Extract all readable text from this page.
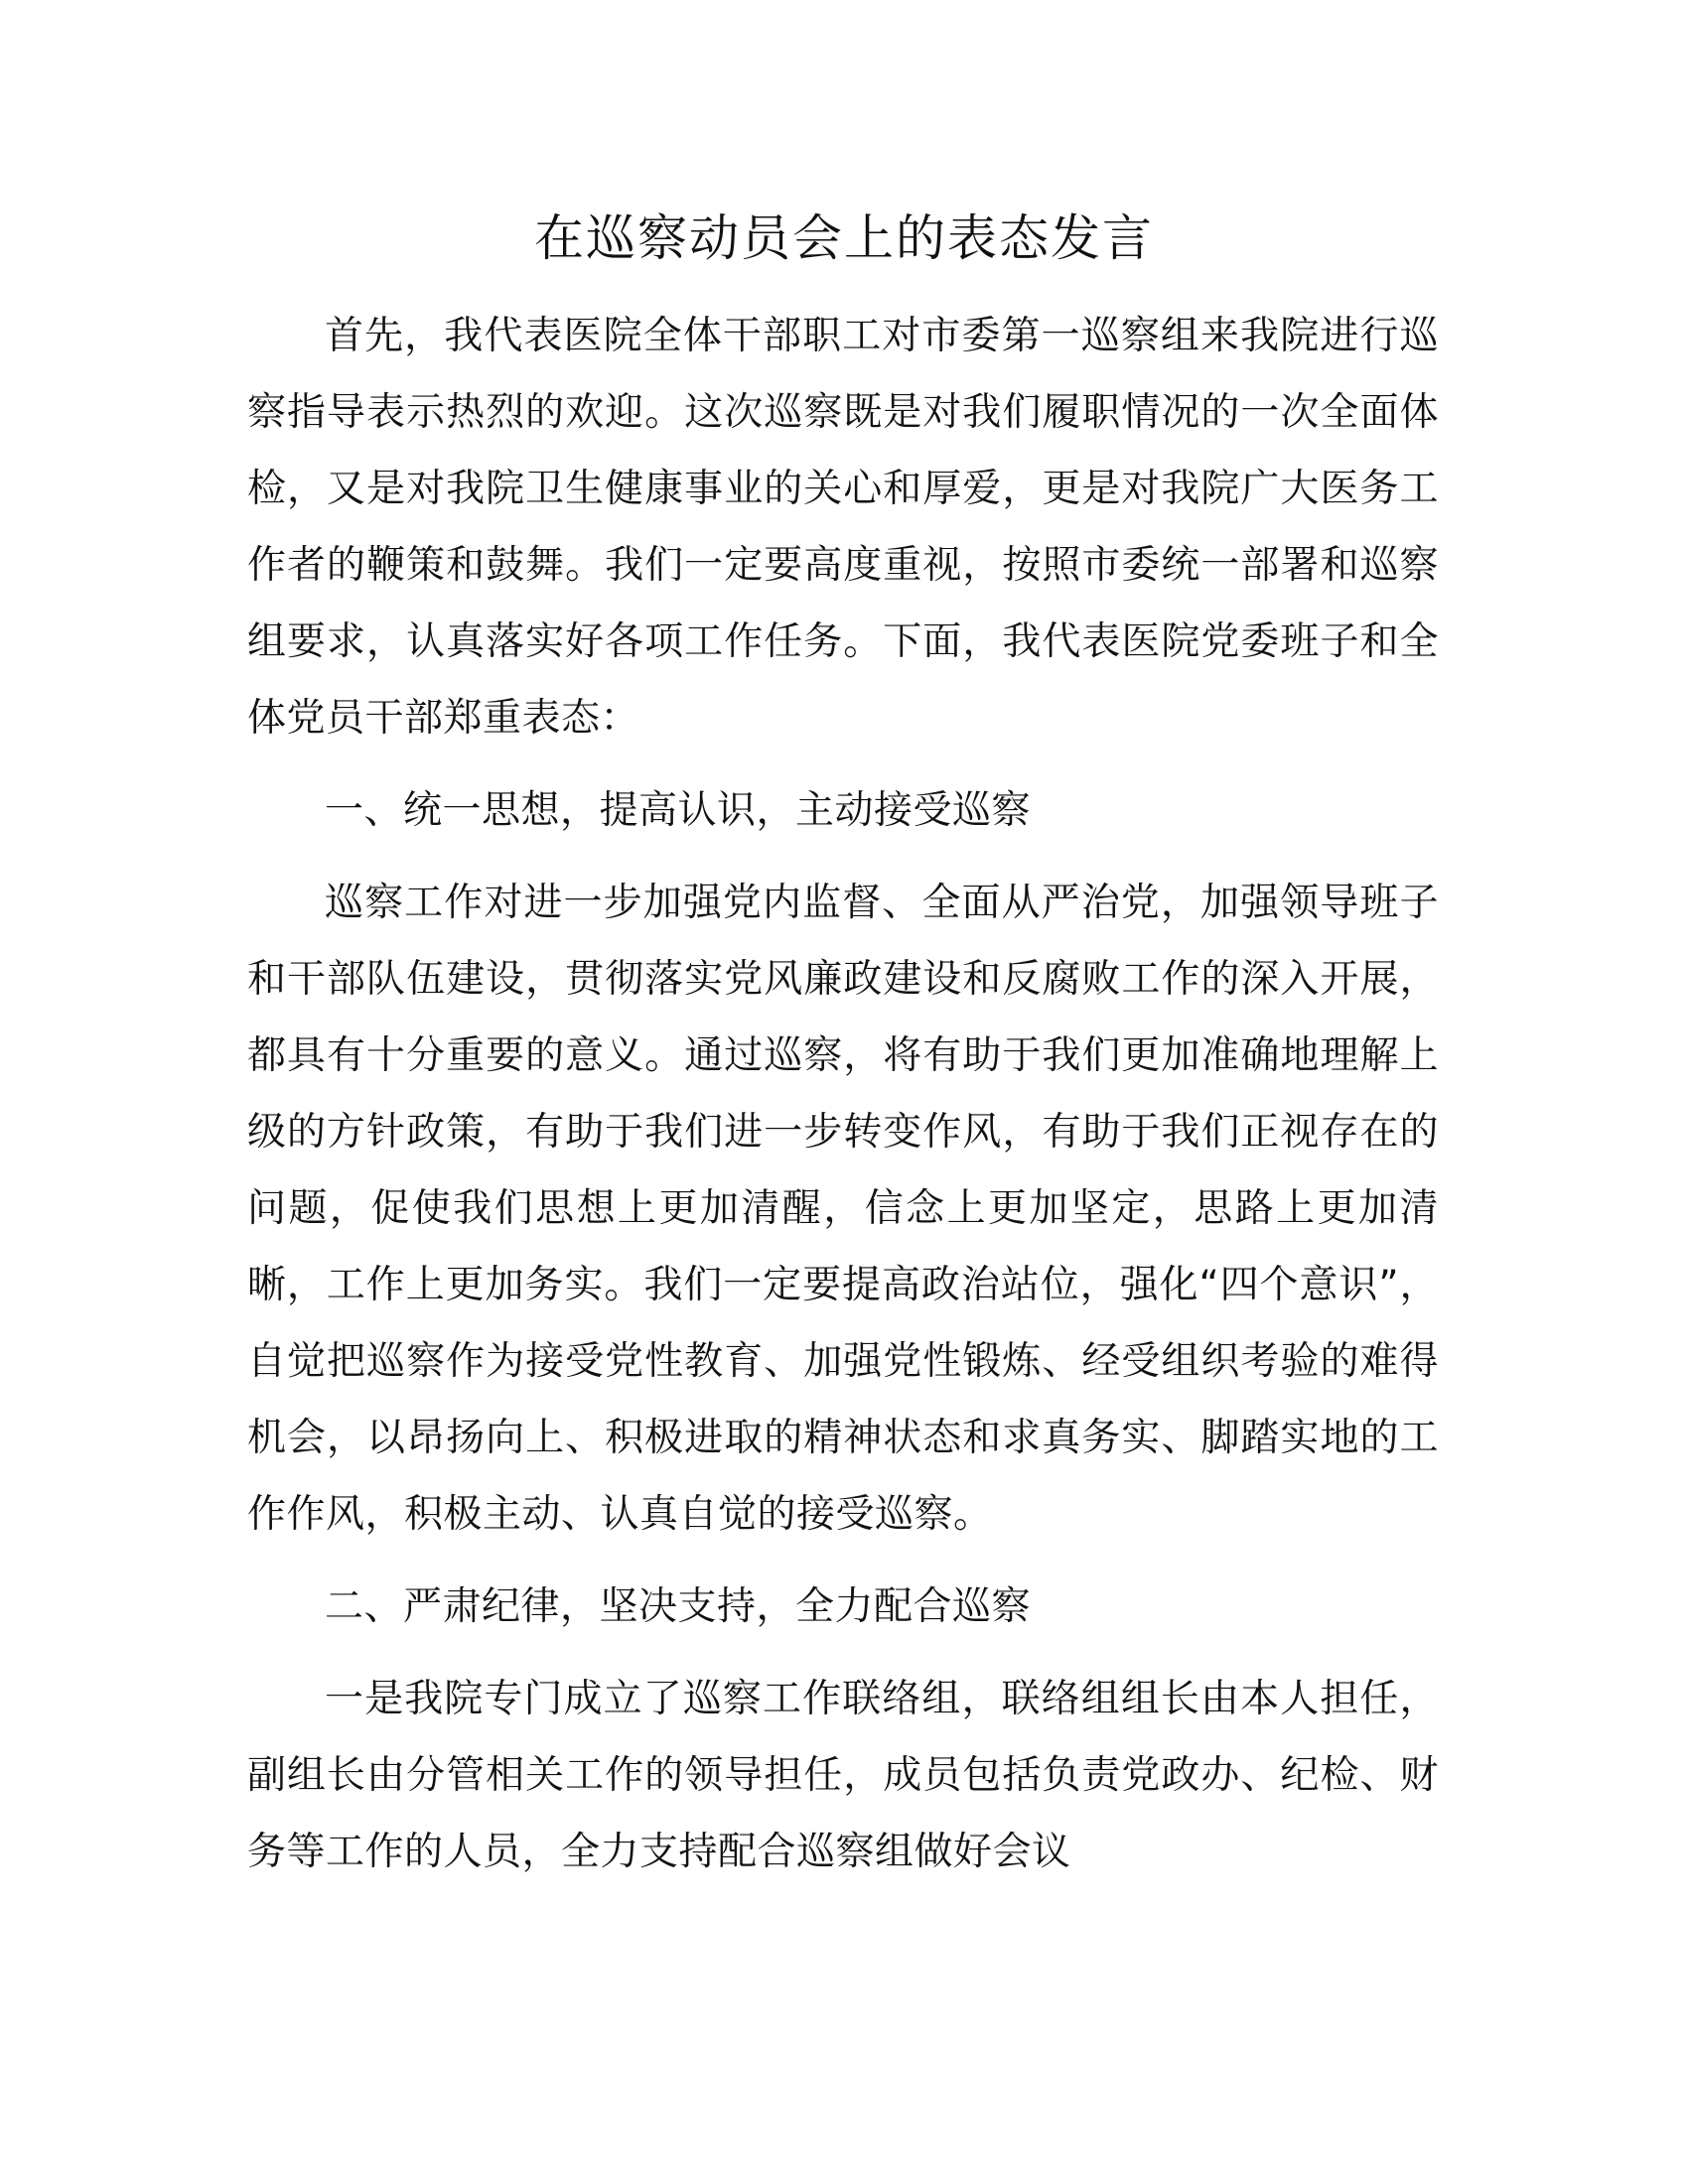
在巡察动员会上的表态发言

首先，我代表医院全体干部职工对市委第一巡察组来我院进行巡察指导表示热烈的欢迎。这次巡察既是对我们履职情况的一次全面体检，又是对我院卫生健康事业的关心和厚爱，更是对我院广大医务工作者的鞭策和鼓舞。我们一定要高度重视，按照市委统一部署和巡察组要求，认真落实好各项工作任务。下面，我代表医院党委班子和全体党员干部郑重表态：

一、统一思想，提高认识，主动接受巡察

巡察工作对进一步加强党内监督、全面从严治党，加强领导班子和干部队伍建设，贯彻落实党风廉政建设和反腐败工作的深入开展，都具有十分重要的意义。通过巡察，将有助于我们更加准确地理解上级的方针政策，有助于我们进一步转变作风，有助于我们正视存在的问题，促使我们思想上更加清醒，信念上更加坚定，思路上更加清晰，工作上更加务实。我们一定要提高政治站位，强化“四个意识”，自觉把巡察作为接受党性教育、加强党性锻炼、经受组织考验的难得机会，以昂扬向上、积极进取的精神状态和求真务实、脚踏实地的工作作风，积极主动、认真自觉的接受巡察。

二、严肃纪律，坚决支持，全力配合巡察

一是我院专门成立了巡察工作联络组，联络组组长由本人担任，副组长由分管相关工作的领导担任，成员包括负责党政办、纪检、财务等工作的人员，全力支持配合巡察组做好会议
